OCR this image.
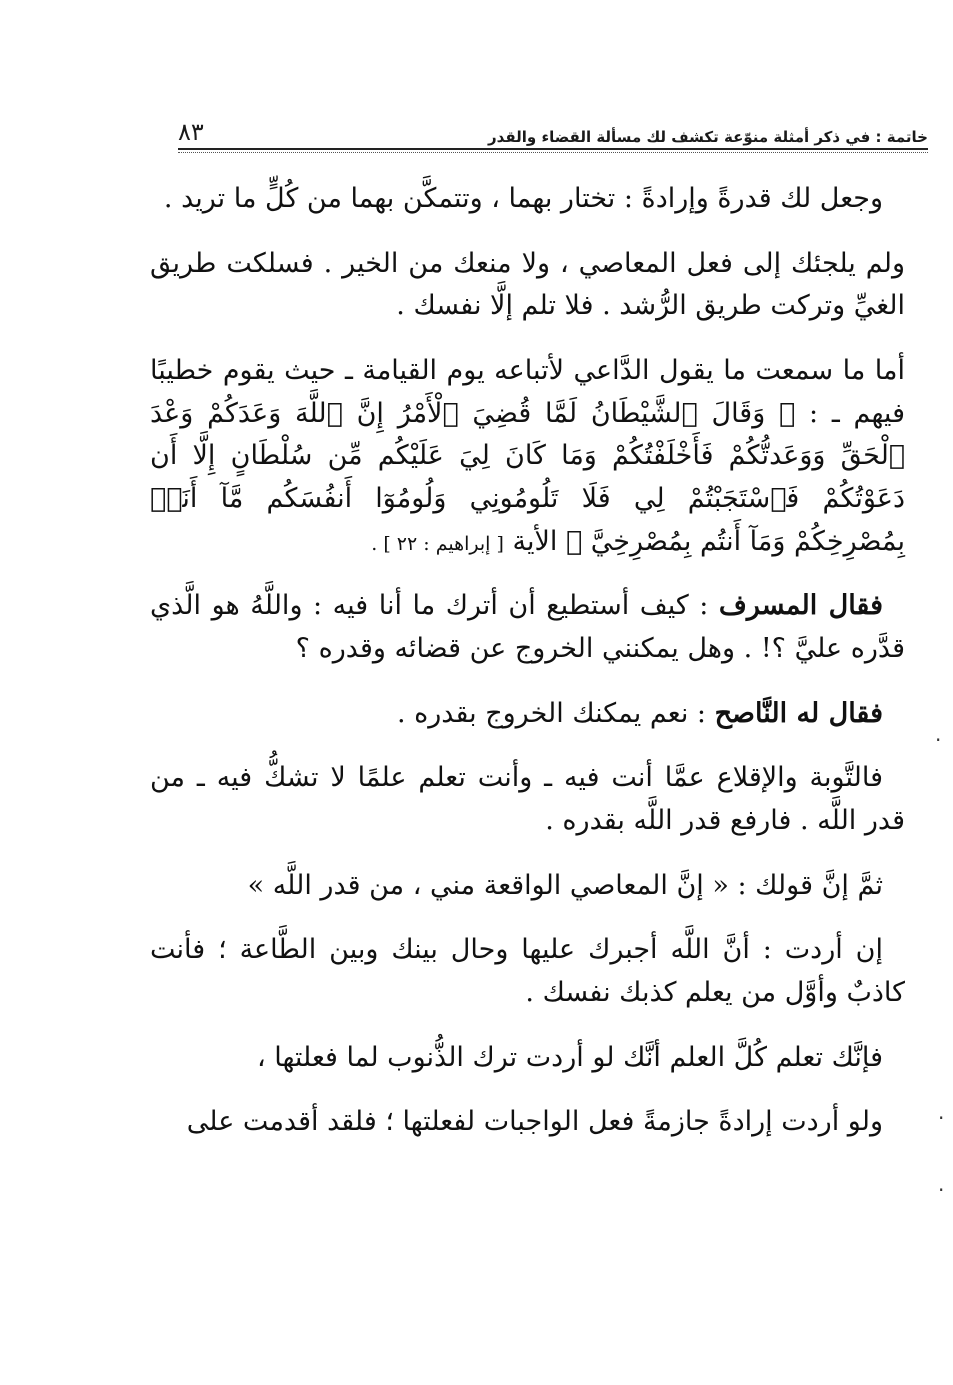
خاتمة : في ذكر أمثلة منوّعة تكشف لك مسألة القضاء والقدر
٨٣

وجعل لك قدرةً وإرادةً : تختار بهما ، وتتمكَّن بهما من كُلٍّ ما تريد .

ولم يلجئك إلى فعل المعاصي ، ولا منعك من الخير . فسلكت طريق الغيِّ وتركت طريق الرُّشد . فلا تلم إلَّا نفسك .

أما ما سمعت ما يقول الدَّاعي لأتباعه يوم القيامة ـ حيث يقوم خطيبًا فيهم ـ : ﴿ وَقَالَ ٱلشَّيْطَانُ لَمَّا قُضِيَ ٱلْأَمْرُ إِنَّ ٱللَّهَ وَعَدَكُمْ وَعْدَ ٱلْحَقِّ وَوَعَدتُّكُمْ فَأَخْلَفْتُكُمْ وَمَا كَانَ لِيَ عَلَيْكُم مِّن سُلْطَانٍ إِلَّا أَن دَعَوْتُكُمْ فَٱسْتَجَبْتُمْ لِي فَلَا تَلُومُونِي وَلُومُوٓا أَنفُسَكُم مَّآ أَنَا۠ بِمُصْرِخِكُمْ وَمَآ أَنتُم بِمُصْرِخِيَّ ﴾ الأية [ إبراهيم : ٢٢ ] .

فقال المسرف : كيف أستطيع أن أترك ما أنا فيه : واللَّهُ هو الَّذي قدَّره عليَّ ؟! . وهل يمكنني الخروج عن قضائه وقدره ؟

فقال له النَّاصح : نعم يمكنك الخروج بقدره .

فالتَّوبة والإقلاع عمَّا أنت فيه ـ وأنت تعلم علمًا لا تشكُّ فيه ـ من قدر اللَّه . فارفع قدر اللَّه بقدره .

ثمَّ إنَّ قولك : « إنَّ المعاصي الواقعة مني ، من قدر اللَّه »

إن أردت : أنَّ اللَّه أجبرك عليها وحال بينك وبين الطَّاعة ؛ فأنت كاذبٌ وأوَّل من يعلم كذبك نفسك .

فإنَّك تعلم كُلَّ العلم أنَّك لو أردت ترك الذُّنوب لما فعلتها ،

ولو أردت إرادةً جازمةً فعل الواجبات لفعلتها ؛ فلقد أقدمت على

·
·
·
